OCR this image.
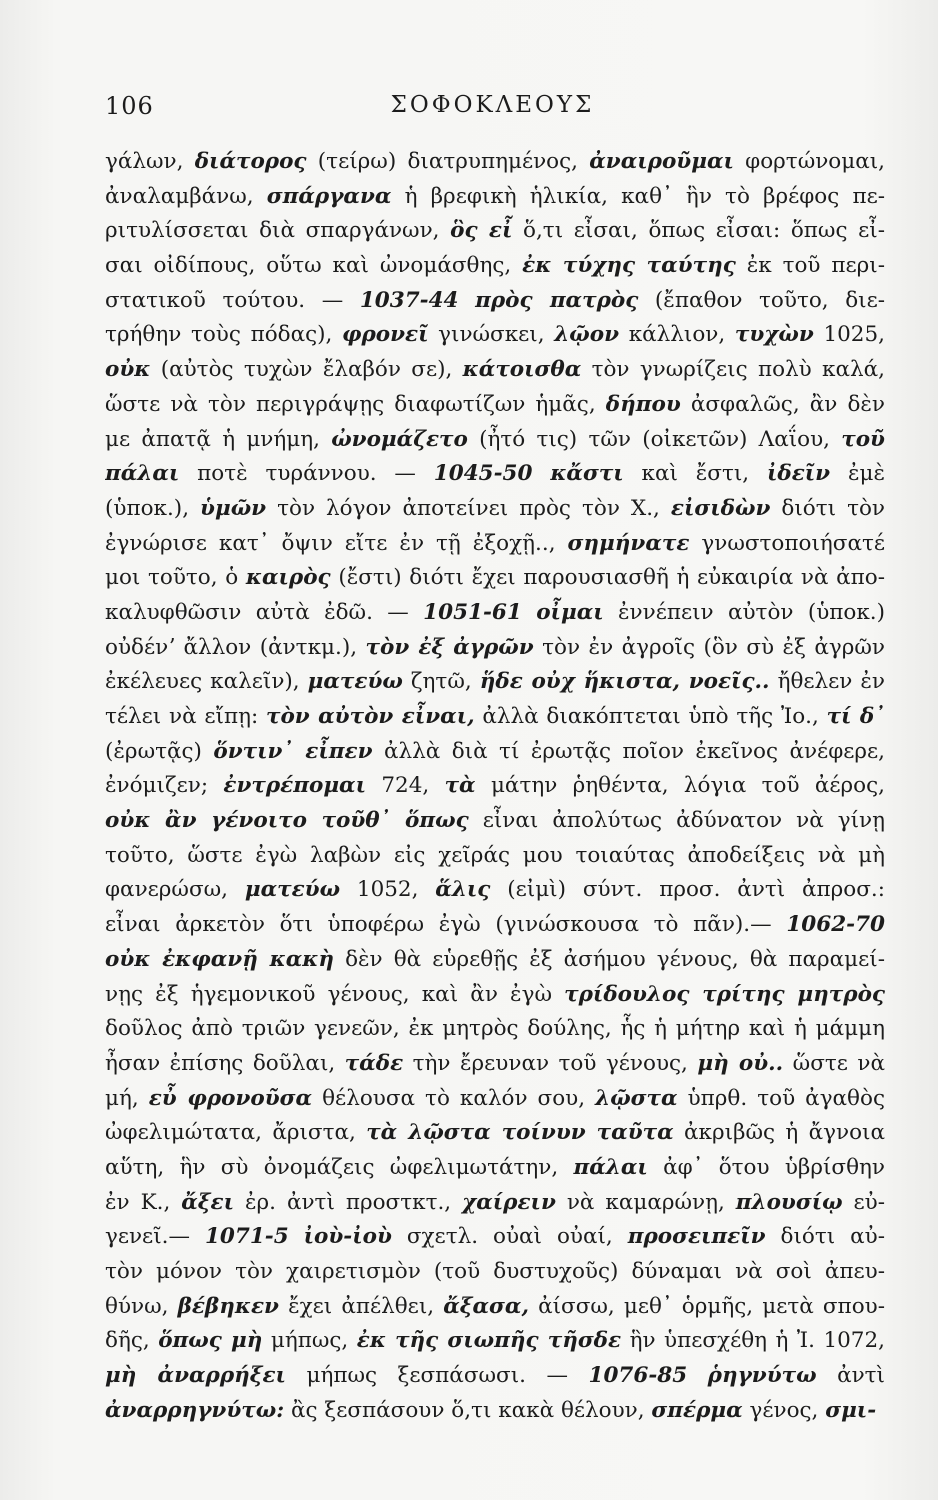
106	ΣΟΦΟΚΛΕΟΥΣ
γάλων, διάτορος (τείρω) διατρυπημένος, ἀναιροῦμαι φορτώνομαι,
ἀναλαμβάνω, σπάργανα ἡ βρεφικὴ ἡλικία, καθ᾽ ἣν τὸ βρέφος πε-
ριτυλίσσεται διὰ σπαργάνων, ὃς εἶ ὅ,τι εἶσαι, ὅπως εἶσαι: ὅπως εἶ-
σαι οἰδίπους, οὕτω καὶ ὠνομάσθης, ἐκ τύχης ταύτης ἐκ τοῦ περι-
στατικοῦ τούτου. — 1037-44 πρὸς πατρὸς (ἔπαθον τοῦτο, διε-
τρήθην τοὺς πόδας), φρονεῖ γινώσκει, λῷον κάλλιον, τυχὼν 1025,
οὐκ (αὐτὸς τυχὼν ἔλαβόν σε), κάτοισθα τὸν γνωρίζεις πολὺ καλά,
ὥστε νὰ τὸν περιγράψῃς διαφωτίζων ἡμᾶς, δήπου ἀσφαλῶς, ἂν δὲν
με ἀπατᾷ ἡ μνήμη, ὠνομάζετο (ἦτό τις) τῶν (οἰκετῶν) Λαΐου, τοῦ
πάλαι ποτὲ τυράννου. — 1045-50 κἄστι καὶ ἔστι, ἰδεῖν ἐμὲ
(ὑποκ.), ὑμῶν τὸν λόγον ἀποτείνει πρὸς τὸν Χ., εἰσιδὼν διότι τὸν
ἐγνώρισε κατ᾽ ὄψιν εἴτε ἐν τῇ ἐξοχῇ.., σημήνατε γνωστοποιήσατέ
μοι τοῦτο, ὁ καιρὸς (ἔστι) διότι ἔχει παρουσιασθῆ ἡ εὐκαιρία νὰ ἀπο-
καλυφθῶσιν αὐτὰ ἐδῶ. — 1051-61 οἶμαι ἐννέπειν αὐτὸν (ὑποκ.)
οὐδένʼ ἄλλον (ἀντκμ.), τὸν ἐξ ἀγρῶν τὸν ἐν ἀγροῖς (ὃν σὺ ἐξ ἀγρῶν
ἐκέλευες καλεῖν), ματεύω ζητῶ, ἥδε οὐχ ἥκιστα, νοεῖς.. ἤθελεν ἐν
τέλει νὰ εἴπῃ: τὸν αὐτὸν εἶναι, ἀλλὰ διακόπτεται ὑπὸ τῆς Ἰο., τί δ᾽
(ἐρωτᾷς) ὅντιν᾽ εἶπεν ἀλλὰ διὰ τί ἐρωτᾷς ποῖον ἐκεῖνος ἀνέφερε,
ἐνόμιζεν; ἐντρέπομαι 724, τὰ μάτην ῥηθέντα, λόγια τοῦ ἀέρος,
οὐκ ἂν γένοιτο τοῦθ᾽ ὅπως εἶναι ἀπολύτως ἀδύνατον νὰ γίνῃ
τοῦτο, ὥστε ἐγὼ λαβὼν εἰς χεῖράς μου τοιαύτας ἀποδείξεις νὰ μὴ
φανερώσω, ματεύω 1052, ἅλις (εἰμὶ) σύντ. προσ. ἀντὶ ἀπροσ.:
εἶναι ἀρκετὸν ὅτι ὑποφέρω ἐγὼ (γινώσκουσα τὸ πᾶν).— 1062-70
οὐκ ἐκφανῇ κακὴ δὲν θὰ εὑρεθῇς ἐξ ἀσήμου γένους, θὰ παραμεί-
νῃς ἐξ ἡγεμονικοῦ γένους, καὶ ἂν ἐγὼ τρίδουλος τρίτης μητρὸς
δοῦλος ἀπὸ τριῶν γενεῶν, ἐκ μητρὸς δούλης, ἧς ἡ μήτηρ καὶ ἡ μάμμη
ἦσαν ἐπίσης δοῦλαι, τάδε τὴν ἔρευναν τοῦ γένους, μὴ οὐ.. ὥστε νὰ
μή, εὖ φρονοῦσα θέλουσα τὸ καλόν σου, λῷστα ὑπρθ. τοῦ ἀγαθὸς
ὠφελιμώτατα, ἄριστα, τὰ λῷστα τοίνυν ταῦτα ἀκριβῶς ἡ ἄγνοια
αὕτη, ἣν σὺ ὀνομάζεις ὠφελιμωτάτην, πάλαι ἀφ᾽ ὅτου ὑβρίσθην
ἐν Κ., ἄξει ἐρ. ἀντὶ προστκτ., χαίρειν νὰ καμαρώνῃ, πλουσίῳ εὐ-
γενεῖ.— 1071-5 ἰοὺ-ἰοὺ σχετλ. οὐαὶ οὐαί, προσειπεῖν διότι αὐ-
τὸν μόνον τὸν χαιρετισμὸν (τοῦ δυστυχοῦς) δύναμαι νὰ σοὶ ἀπευ-
θύνω, βέβηκεν ἔχει ἀπέλθει, ἄξασα, ἀίσσω, μεθ᾽ ὁρμῆς, μετὰ σπου-
δῆς, ὅπως μὴ μήπως, ἐκ τῆς σιωπῆς τῆσδε ἣν ὑπεσχέθη ἡ Ἰ. 1072,
μὴ ἀναρρήξει μήπως ξεσπάσωσι. — 1076-85 ῥηγνύτω ἀντὶ
ἀναρρηγνύτω: ἂς ξεσπάσουν ὅ,τι κακὰ θέλουν, σπέρμα γένος, σμι-
